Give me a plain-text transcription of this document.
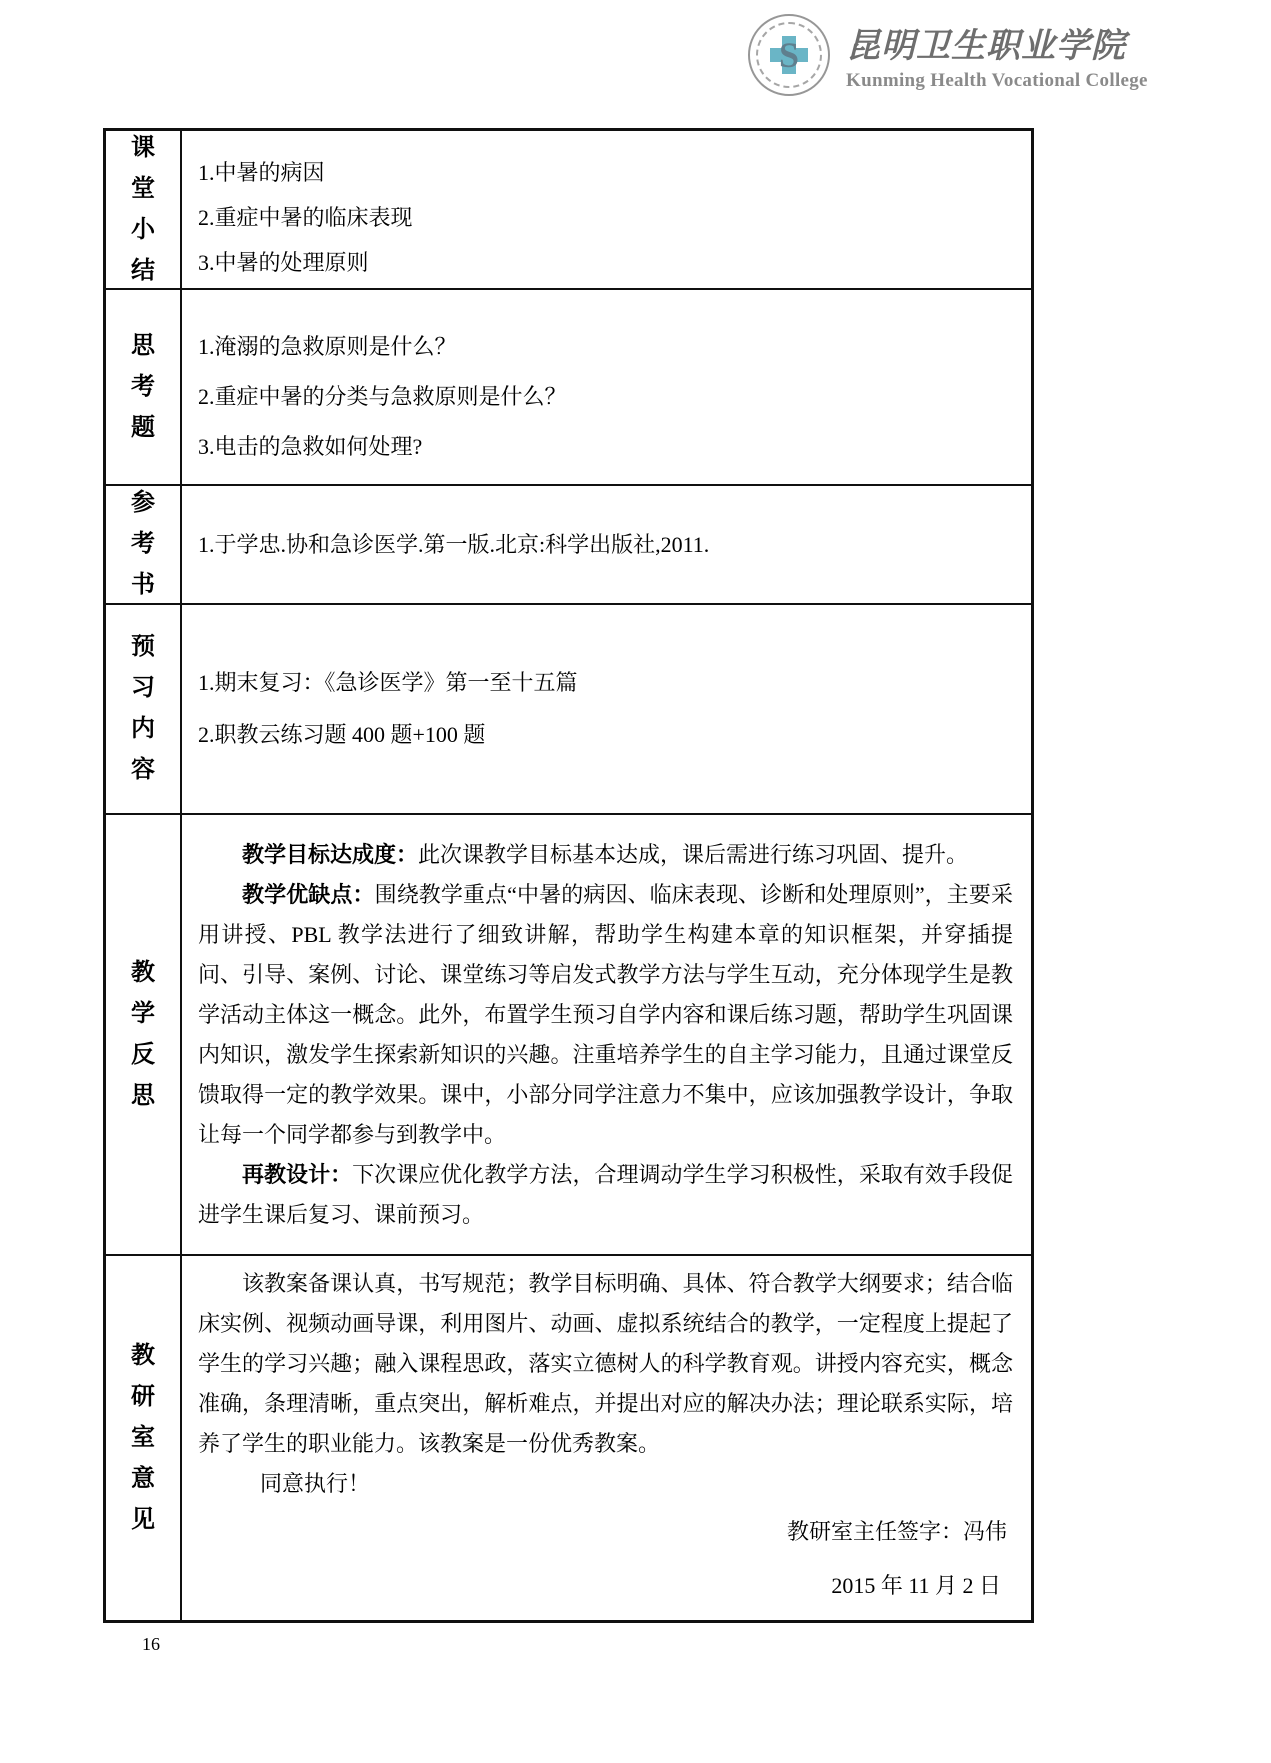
S	昆明卫生职业学院
Kunming Health Vocational College
课堂小结
1.中暑的病因
2.重症中暑的临床表现
3.中暑的处理原则
思考题
1.淹溺的急救原则是什么？
2.重症中暑的分类与急救原则是什么？
3.电击的急救如何处理?
参考书
1.于学忠.协和急诊医学.第一版.北京:科学出版社,2011.
预习内容
1.期末复习：《急诊医学》第一至十五篇
2.职教云练习题 400 题+100 题
教学反思

教学目标达成度：此次课教学目标基本达成，课后需进行练习巩固、提升。

教学优缺点：围绕教学重点“中暑的病因、临床表现、诊断和处理原则”，主要采用讲授、PBL 教学法进行了细致讲解，帮助学生构建本章的知识框架，并穿插提问、引导、案例、讨论、课堂练习等启发式教学方法与学生互动，充分体现学生是教学活动主体这一概念。此外，布置学生预习自学内容和课后练习题，帮助学生巩固课内知识，激发学生探索新知识的兴趣。注重培养学生的自主学习能力，且通过课堂反馈取得一定的教学效果。课中，小部分同学注意力不集中，应该加强教学设计，争取让每一个同学都参与到教学中。

再教设计：下次课应优化教学方法，合理调动学生学习积极性，采取有效手段促进学生课后复习、课前预习。

教研室意见

该教案备课认真，书写规范；教学目标明确、具体、符合教学大纲要求；结合临床实例、视频动画导课，利用图片、动画、虚拟系统结合的教学，一定程度上提起了学生的学习兴趣；融入课程思政，落实立德树人的科学教育观。讲授内容充实，概念准确，条理清晰，重点突出，解析难点，并提出对应的解决办法；理论联系实际，培养了学生的职业能力。该教案是一份优秀教案。

同意执行！

教研室主任签字：冯伟
2015 年 11 月 2 日
16
